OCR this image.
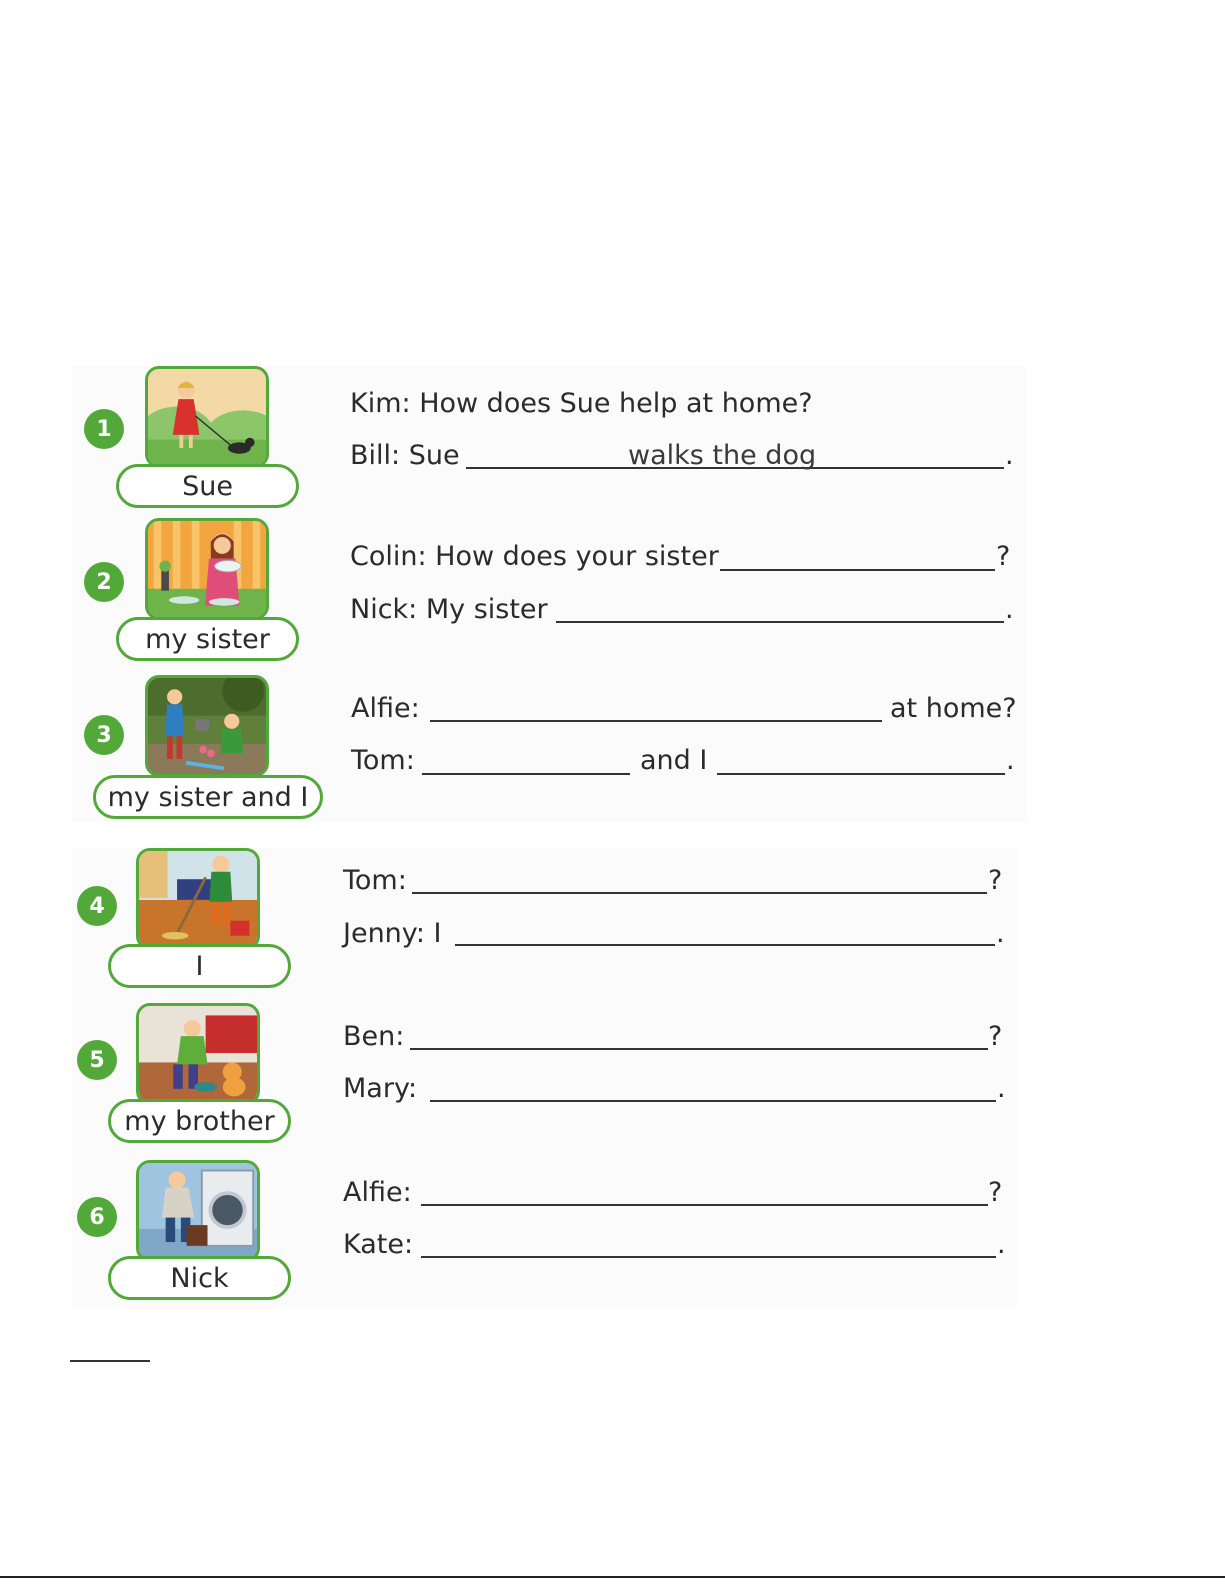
1
Sue
Kim: How does Sue help at home?
Bill: Sue	walks the dog	.
2
my sister
Colin: How does your sister	?
Nick: My sister	.
3
my sister and I
Alfie:	at home?
Tom:	and I	.
4
I
Tom:	?
Jenny: I	.
5
my brother
Ben:	?
Mary:	.
6
Nick
Alfie:	?
Kate:	.
